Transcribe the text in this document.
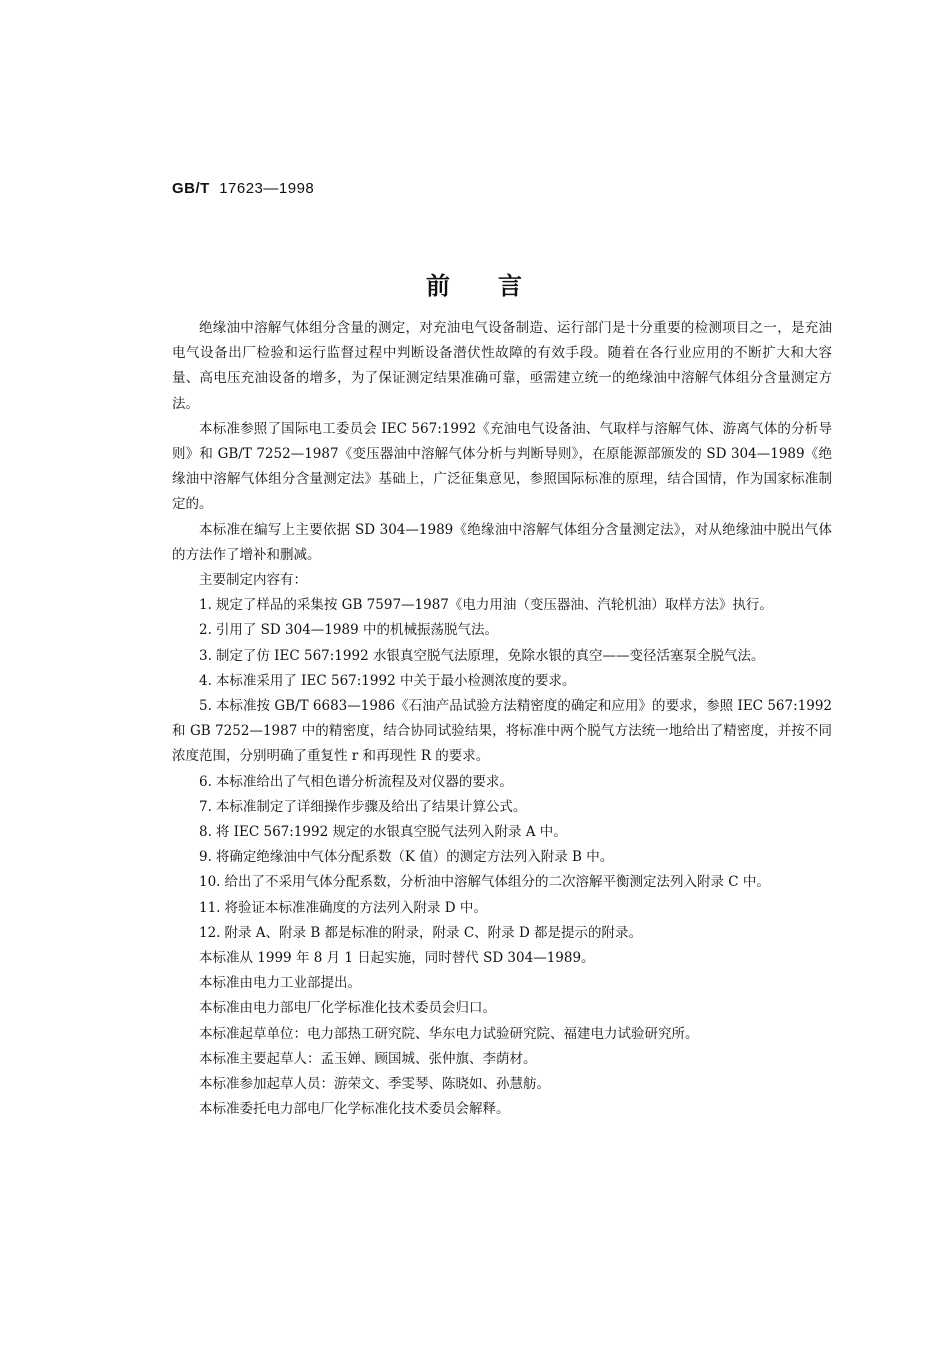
GB/T 17623—1998
前 言

绝缘油中溶解气体组分含量的测定，对充油电气设备制造、运行部门是十分重要的检测项目之一，是充油电气设备出厂检验和运行监督过程中判断设备潜伏性故障的有效手段。随着在各行业应用的不断扩大和大容量、高电压充油设备的增多，为了保证测定结果准确可靠，亟需建立统一的绝缘油中溶解气体组分含量测定方法。

本标准参照了国际电工委员会 IEC 567:1992《充油电气设备油、气取样与溶解气体、游离气体的分析导则》和 GB/T 7252—1987《变压器油中溶解气体分析与判断导则》，在原能源部颁发的 SD 304—1989《绝缘油中溶解气体组分含量测定法》基础上，广泛征集意见，参照国际标准的原理，结合国情，作为国家标准制定的。

本标准在编写上主要依据 SD 304—1989《绝缘油中溶解气体组分含量测定法》，对从绝缘油中脱出气体的方法作了增补和删减。

主要制定内容有：

1. 规定了样品的采集按 GB 7597—1987《电力用油（变压器油、汽轮机油）取样方法》执行。

2. 引用了 SD 304—1989 中的机械振荡脱气法。

3. 制定了仿 IEC 567:1992 水银真空脱气法原理，免除水银的真空——变径活塞泵全脱气法。

4. 本标准采用了 IEC 567:1992 中关于最小检测浓度的要求。

5. 本标准按 GB/T 6683—1986《石油产品试验方法精密度的确定和应用》的要求，参照 IEC 567:1992 和 GB 7252—1987 中的精密度，结合协同试验结果，将标准中两个脱气方法统一地给出了精密度，并按不同浓度范围，分别明确了重复性 r 和再现性 R 的要求。

6. 本标准给出了气相色谱分析流程及对仪器的要求。

7. 本标准制定了详细操作步骤及给出了结果计算公式。

8. 将 IEC 567:1992 规定的水银真空脱气法列入附录 A 中。

9. 将确定绝缘油中气体分配系数（K 值）的测定方法列入附录 B 中。

10. 给出了不采用气体分配系数，分析油中溶解气体组分的二次溶解平衡测定法列入附录 C 中。

11. 将验证本标准准确度的方法列入附录 D 中。

12. 附录 A、附录 B 都是标准的附录，附录 C、附录 D 都是提示的附录。

本标准从 1999 年 8 月 1 日起实施，同时替代 SD 304—1989。

本标准由电力工业部提出。

本标准由电力部电厂化学标准化技术委员会归口。

本标准起草单位：电力部热工研究院、华东电力试验研究院、福建电力试验研究所。

本标准主要起草人：孟玉婵、顾国城、张仲旗、李荫材。

本标准参加起草人员：游荣文、季雯琴、陈晓如、孙慧舫。

本标准委托电力部电厂化学标准化技术委员会解释。
